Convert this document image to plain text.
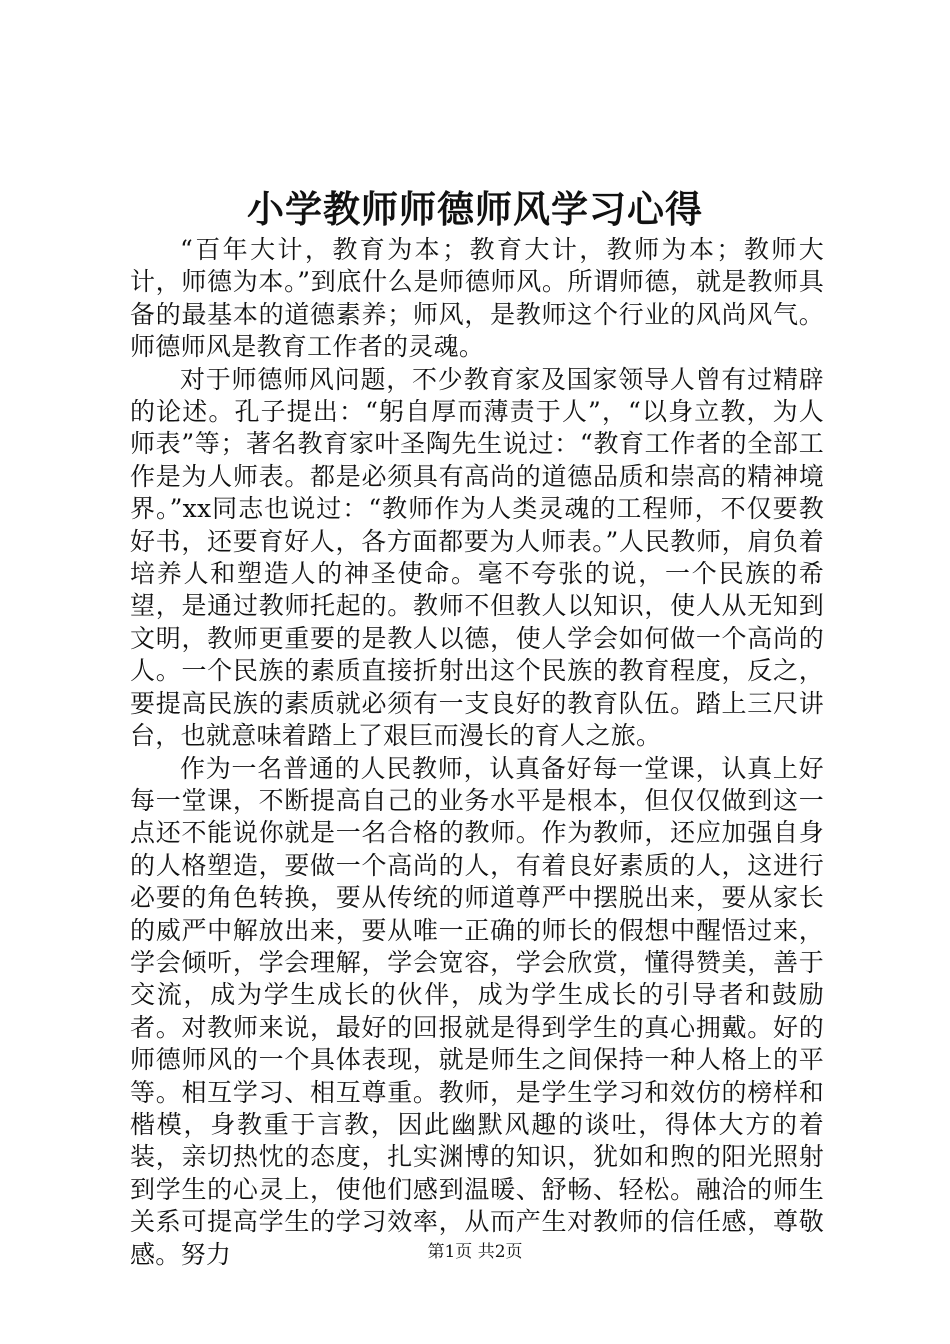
小学教师师德师风学习心得

“百年大计，教育为本；教育大计，教师为本；教师大计，师德为本。”到底什么是师德师风。所谓师德，就是教师具备的最基本的道德素养；师风，是教师这个行业的风尚风气。师德师风是教育工作者的灵魂。

对于师德师风问题，不少教育家及国家领导人曾有过精辟的论述。孔子提出：“躬自厚而薄责于人”，“以身立教，为人师表”等；著名教育家叶圣陶先生说过：“教育工作者的全部工作是为人师表。都是必须具有高尚的道德品质和崇高的精神境界。”xx同志也说过：“教师作为人类灵魂的工程师，不仅要教好书，还要育好人，各方面都要为人师表。”人民教师，肩负着培养人和塑造人的神圣使命。毫不夸张的说，一个民族的希望，是通过教师托起的。教师不但教人以知识，使人从无知到文明，教师更重要的是教人以德，使人学会如何做一个高尚的人。一个民族的素质直接折射出这个民族的教育程度，反之，要提高民族的素质就必须有一支良好的教育队伍。踏上三尺讲台，也就意味着踏上了艰巨而漫长的育人之旅。

作为一名普通的人民教师，认真备好每一堂课，认真上好每一堂课，不断提高自己的业务水平是根本，但仅仅做到这一点还不能说你就是一名合格的教师。作为教师，还应加强自身的人格塑造，要做一个高尚的人，有着良好素质的人，这进行必要的角色转换，要从传统的师道尊严中摆脱出来，要从家长的威严中解放出来，要从唯一正确的师长的假想中醒悟过来，学会倾听，学会理解，学会宽容，学会欣赏，懂得赞美，善于交流，成为学生成长的伙伴，成为学生成长的引导者和鼓励者。对教师来说，最好的回报就是得到学生的真心拥戴。好的师德师风的一个具体表现，就是师生之间保持一种人格上的平等。相互学习、相互尊重。教师，是学生学习和效仿的榜样和楷模，身教重于言教，因此幽默风趣的谈吐，得体大方的着装，亲切热忱的态度，扎实渊博的知识，犹如和煦的阳光照射到学生的心灵上，使他们感到温暖、舒畅、轻松。融洽的师生关系可提高学生的学习效率，从而产生对教师的信任感，尊敬感。努力	第1页 共2页
